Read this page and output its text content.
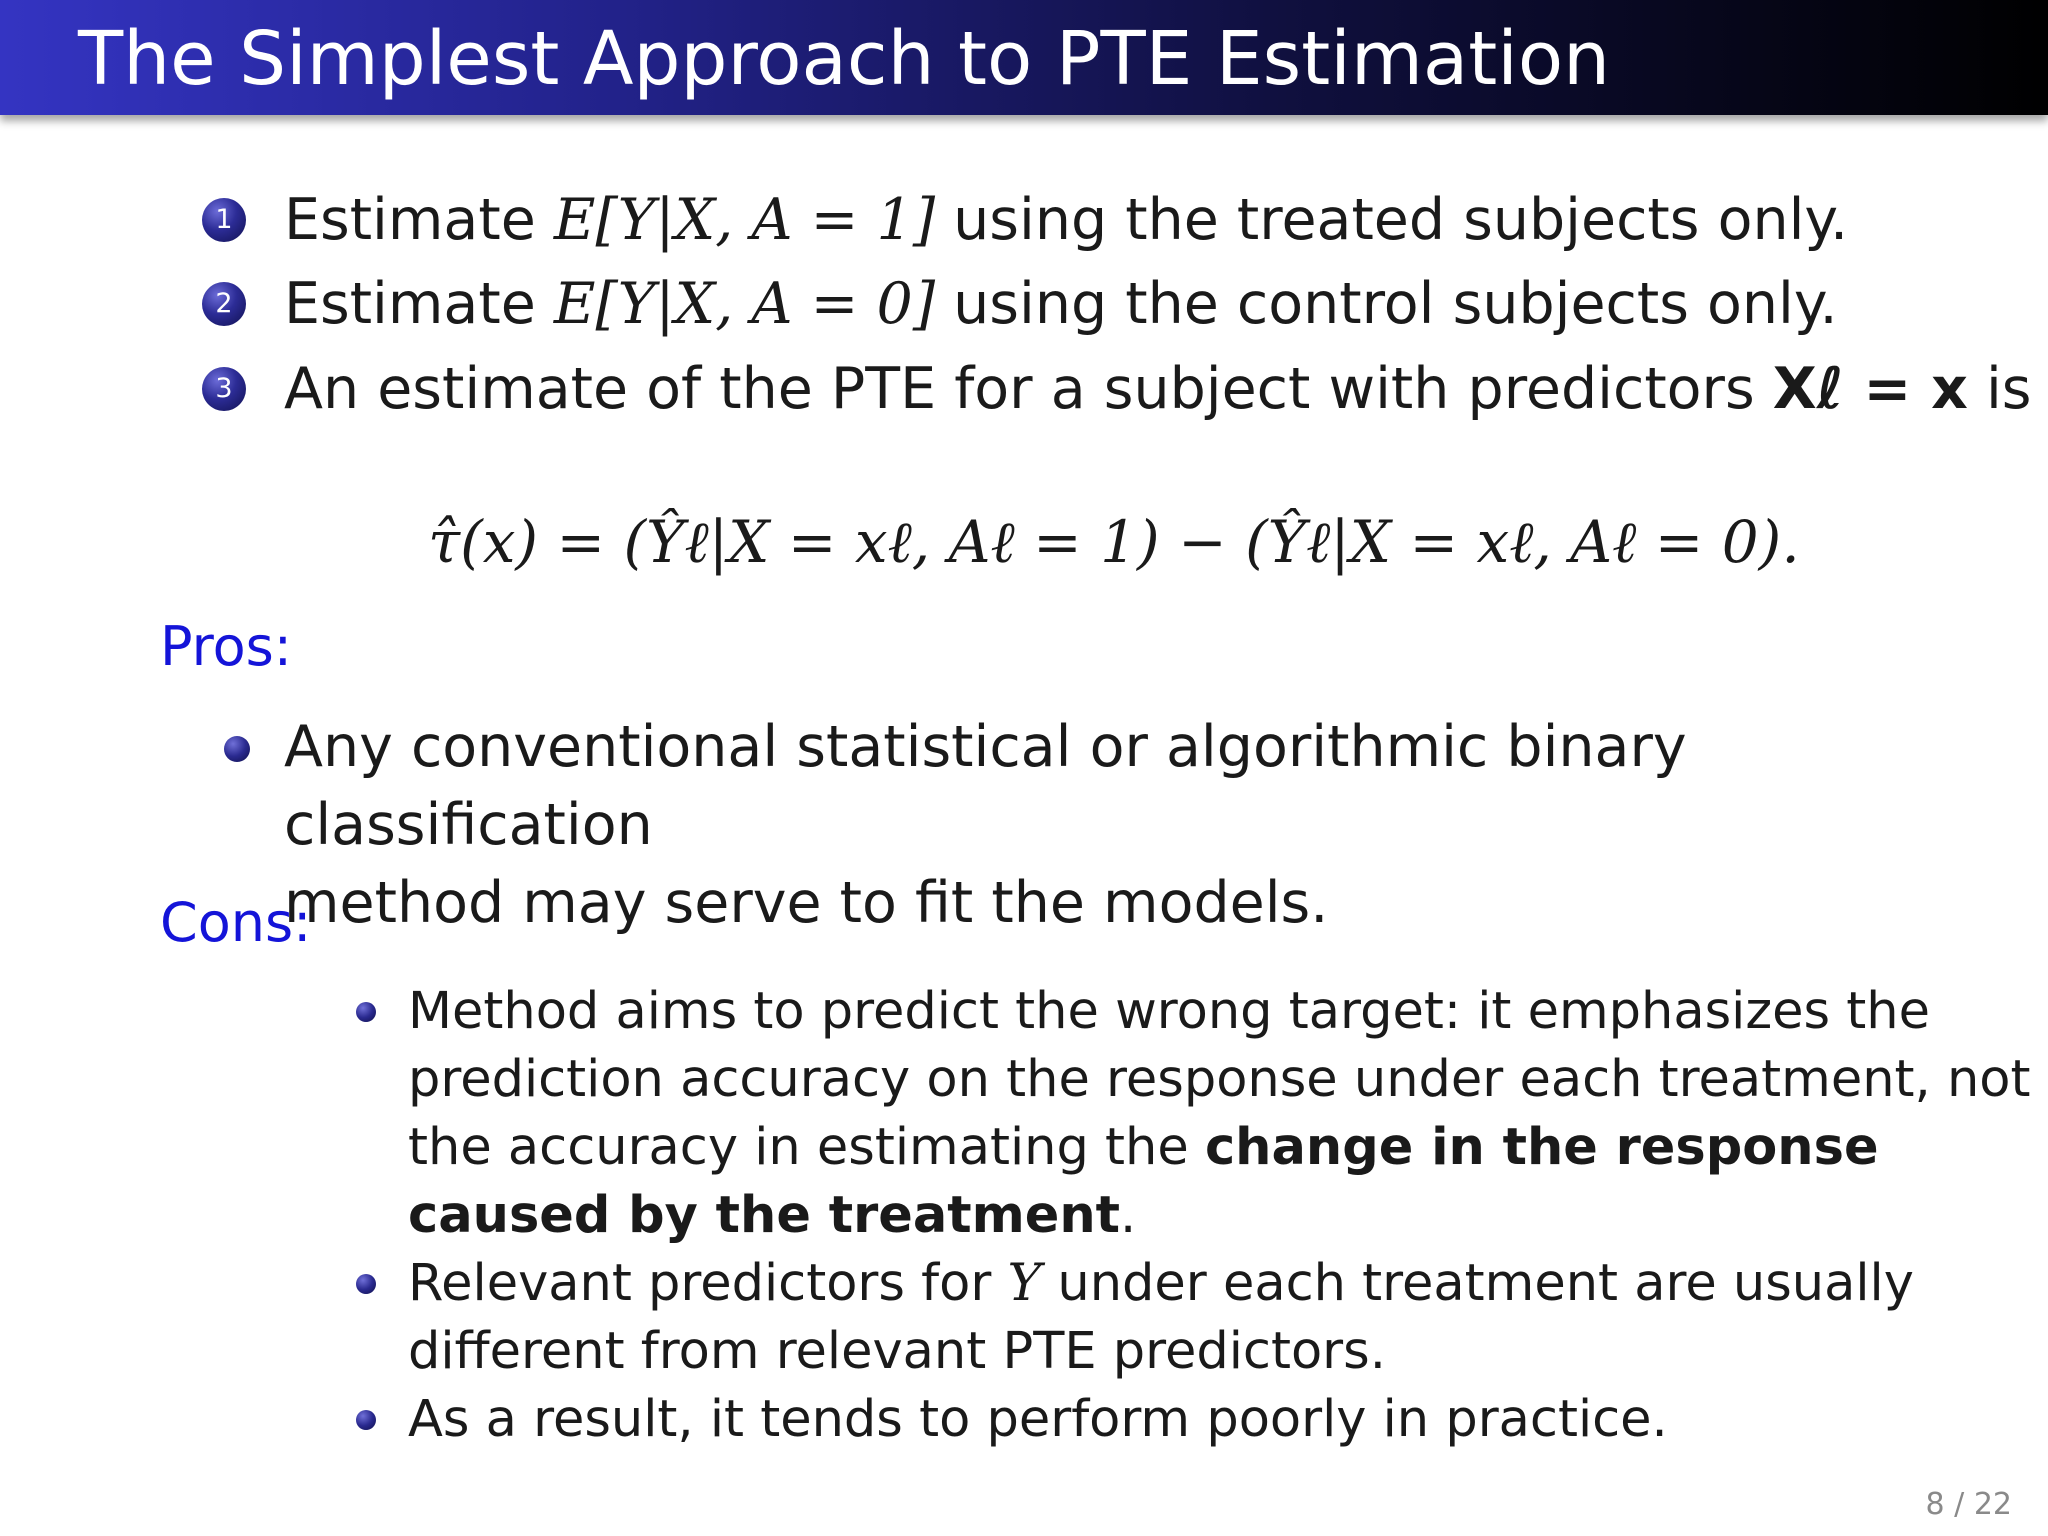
The Simplest Approach to PTE Estimation
1 Estimate E[Y|X, A = 1] using the treated subjects only.
2 Estimate E[Y|X, A = 0] using the control subjects only.
3 An estimate of the PTE for a subject with predictors Xℓ = x is
τ̂(x) = (Ŷℓ|X = xℓ, Aℓ = 1) − (Ŷℓ|X = xℓ, Aℓ = 0).
Pros:
Any conventional statistical or algorithmic binary classification
method may serve to fit the models.
Cons:
Method aims to predict the wrong target: it emphasizes the
prediction accuracy on the response under each treatment, not
the accuracy in estimating the change in the response
caused by the treatment.
Relevant predictors for Y under each treatment are usually
different from relevant PTE predictors.
As a result, it tends to perform poorly in practice.
8 / 22
